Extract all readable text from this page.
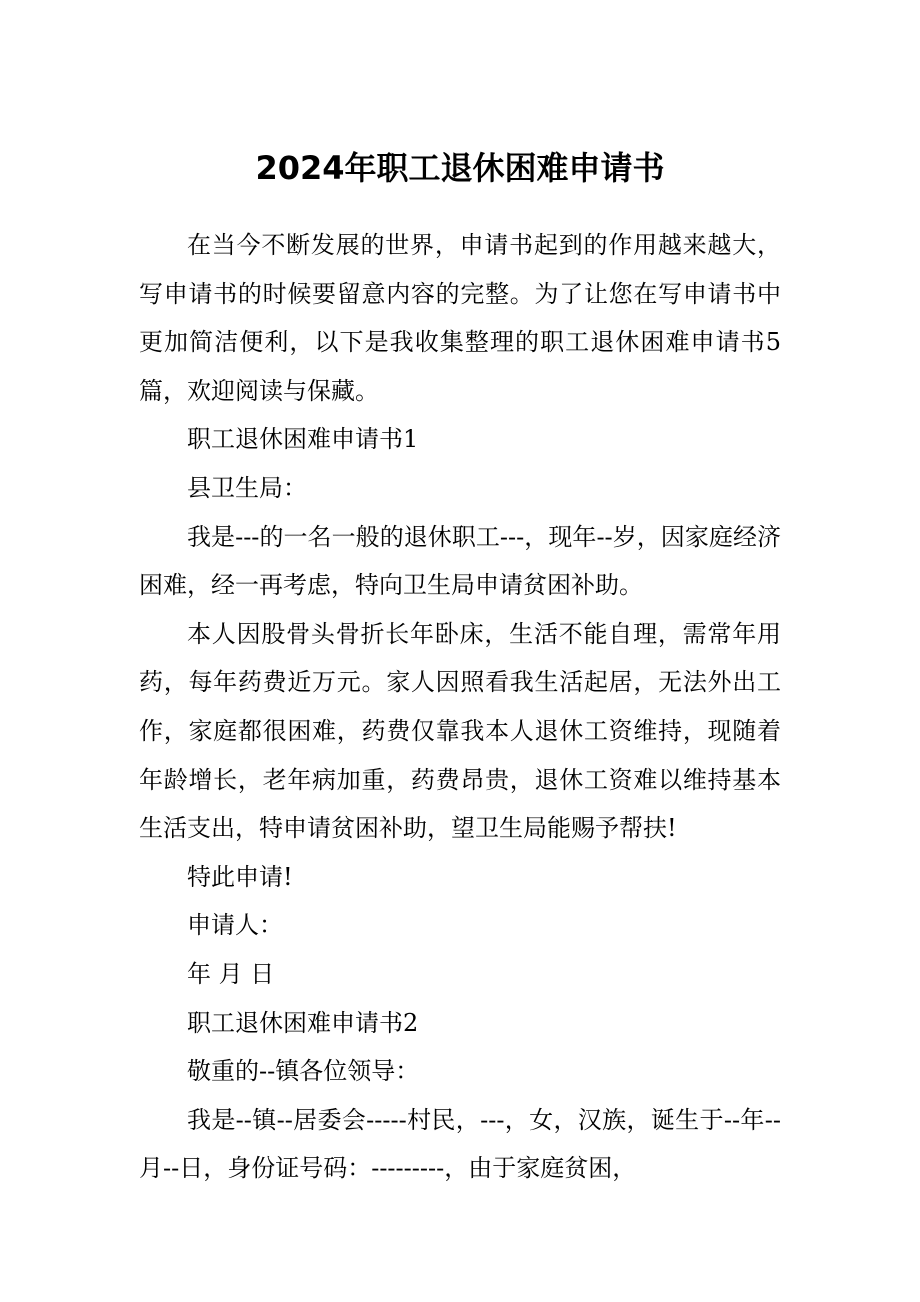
2024年职工退休困难申请书

在当今不断发展的世界，申请书起到的作用越来越大，写申请书的时候要留意内容的完整。为了让您在写申请书中更加简洁便利，以下是我收集整理的职工退休困难申请书5篇，欢迎阅读与保藏。

职工退休困难申请书1

县卫生局：

我是---的一名一般的退休职工---，现年--岁，因家庭经济困难，经一再考虑，特向卫生局申请贫困补助。

本人因股骨头骨折长年卧床，生活不能自理，需常年用药，每年药费近万元。家人因照看我生活起居，无法外出工作，家庭都很困难，药费仅靠我本人退休工资维持，现随着年龄增长，老年病加重，药费昂贵，退休工资难以维持基本生活支出，特申请贫困补助，望卫生局能赐予帮扶!

特此申请!

申请人：

年 月 日

职工退休困难申请书2

敬重的--镇各位领导：

我是--镇--居委会-----村民，---，女，汉族，诞生于--年--月--日，身份证号码：---------，由于家庭贫困，
